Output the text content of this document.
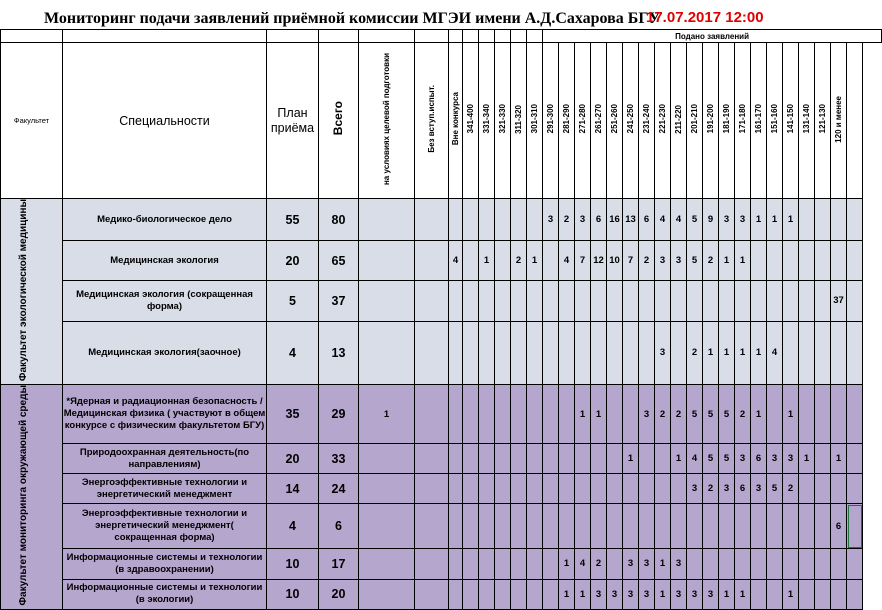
Мониторинг подачи заявлений приёмной комиссии МГЭИ имени А.Д.Сахарова БГУ
17.07.2017 12:00
												Подано заявлений																			
Факультет	Специальности	План приёма	Всего	на условиях целевой подготовки	Без вступ.испыт.	Вне конкурса	341-400	331-340	321-330	311-320	301-310	291-300	281-290	271-280	261-270	251-260	241-250	231-240	221-230	211-220	201-210	191-200	181-190	171-180	161-170	151-160	141-150	131-140	121-130	120 и менее	
Факультет экологической медицины	Медико-биологическое дело	55	80									3	2	3	6	16	13	6	4	4	5	9	3	3	1	1	1				
	Медицинская экология	20	65			4		1		2	1		4	7	12	10	7	2	3	3	5	2	1	1							
	Медицинская экология (сокращенная форма)	5	37																											37	
	Медицинская экология(заочное)	4	13																3		2	1	1	1	1	4					
Факультет мониторинга окружающей среды	*Ядерная и радиационная безопасность /Медицинская физика ( участвуют в общем конкурсе с физическим факультетом БГУ)	35	29	1										1	1			3	2	2	5	5	5	2	1		1				
	Природоохранная деятельность(по направлениям)	20	33														1			1	4	5	5	3	6	3	3	1		1	
	Энергоэффективные технологии и энергетический менеджмент	14	24																		3	2	3	6	3	5	2				
	Энергоэффективные технологии и энергетический менеджмент( сокращенная форма)	4	6																											6	
	Информационные системы и технологии (в здравоохранении)	10	17										1	4	2		3	3	1	3											
	Информационные системы и технологии (в экологии)	10	20										1	1	3	3	3	3	1	3	3	3	1	1			1				
